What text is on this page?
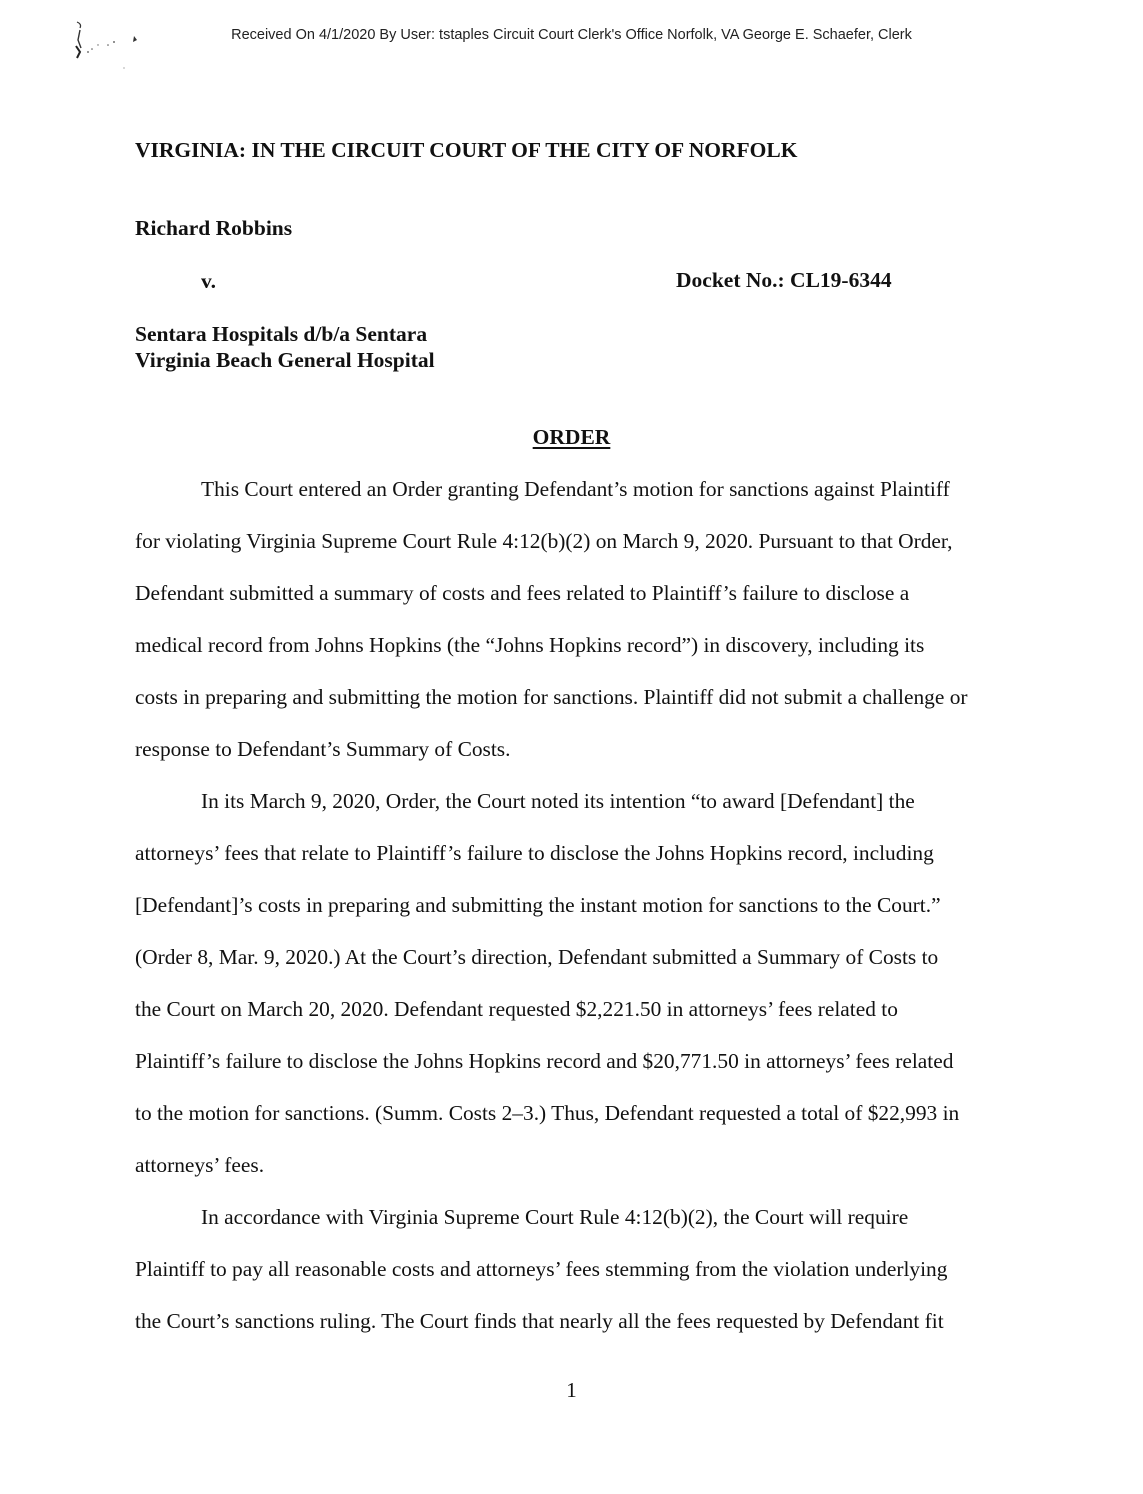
Received On 4/1/2020 By User: tstaples Circuit Court Clerk's Office Norfolk, VA George E. Schaefer, Clerk
VIRGINIA: IN THE CIRCUIT COURT OF THE CITY OF NORFOLK
Richard Robbins
v.	Docket No.: CL19-6344
Sentara Hospitals d/b/a Sentara
Virginia Beach General Hospital
ORDER
This Court entered an Order granting Defendant’s motion for sanctions against Plaintiff
for violating Virginia Supreme Court Rule 4:12(b)(2) on March 9, 2020. Pursuant to that Order,
Defendant submitted a summary of costs and fees related to Plaintiff’s failure to disclose a
medical record from Johns Hopkins (the “Johns Hopkins record”) in discovery, including its
costs in preparing and submitting the motion for sanctions. Plaintiff did not submit a challenge or
response to Defendant’s Summary of Costs.
In its March 9, 2020, Order, the Court noted its intention “to award [Defendant] the
attorneys’ fees that relate to Plaintiff’s failure to disclose the Johns Hopkins record, including
[Defendant]’s costs in preparing and submitting the instant motion for sanctions to the Court.”
(Order 8, Mar. 9, 2020.) At the Court’s direction, Defendant submitted a Summary of Costs to
the Court on March 20, 2020. Defendant requested $2,221.50 in attorneys’ fees related to
Plaintiff’s failure to disclose the Johns Hopkins record and $20,771.50 in attorneys’ fees related
to the motion for sanctions. (Summ. Costs 2–3.) Thus, Defendant requested a total of $22,993 in
attorneys’ fees.
In accordance with Virginia Supreme Court Rule 4:12(b)(2), the Court will require
Plaintiff to pay all reasonable costs and attorneys’ fees stemming from the violation underlying
the Court’s sanctions ruling. The Court finds that nearly all the fees requested by Defendant fit
1
